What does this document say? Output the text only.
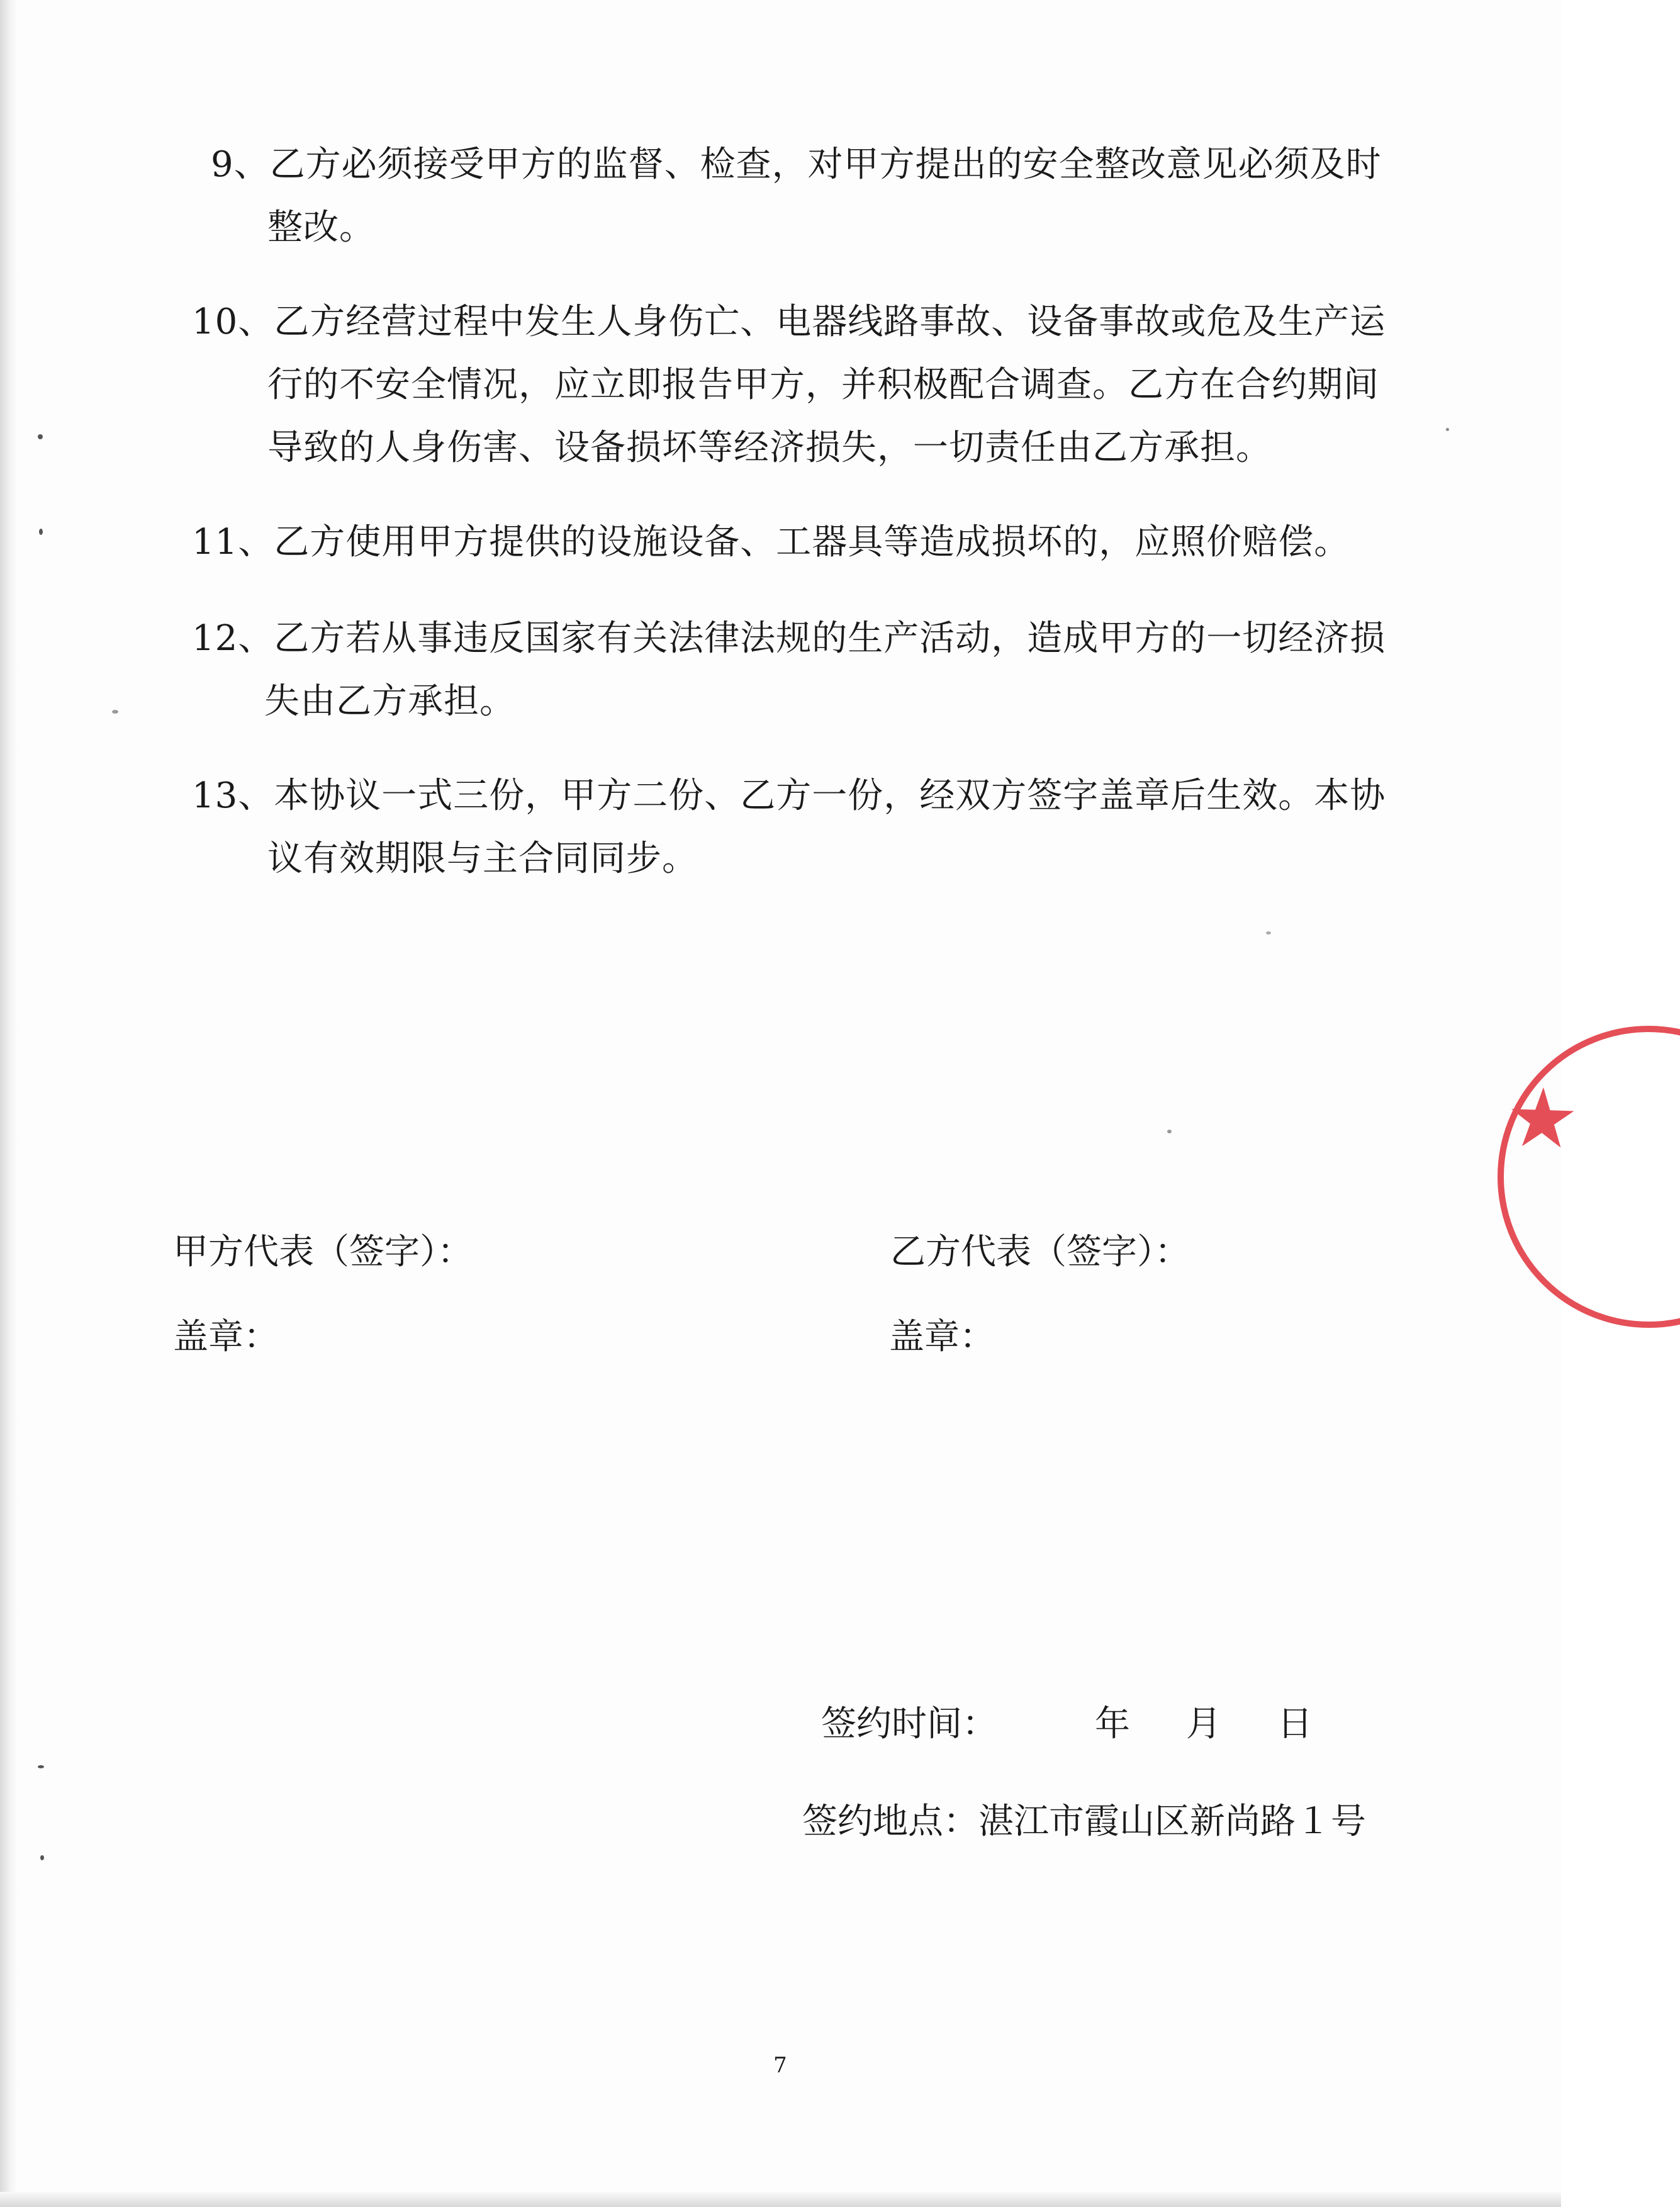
9、乙方必须接受甲方的监督、检查，对甲方提出的安全整改意见必须及时
整改。
10、乙方经营过程中发生人身伤亡、电器线路事故、设备事故或危及生产运
行的不安全情况，应立即报告甲方，并积极配合调查。乙方在合约期间
导致的人身伤害、设备损坏等经济损失，一切责任由乙方承担。
11、乙方使用甲方提供的设施设备、工器具等造成损坏的，应照价赔偿。
12、乙方若从事违反国家有关法律法规的生产活动，造成甲方的一切经济损
失由乙方承担。
13、本协议一式三份，甲方二份、乙方一份，经双方签字盖章后生效。本协
议有效期限与主合同同步。
甲方代表（签字）：
盖章：
乙方代表（签字）：
盖章：
签约时间：	年 月 日
签约地点：湛江市霞山区新尚路１号
7
★
